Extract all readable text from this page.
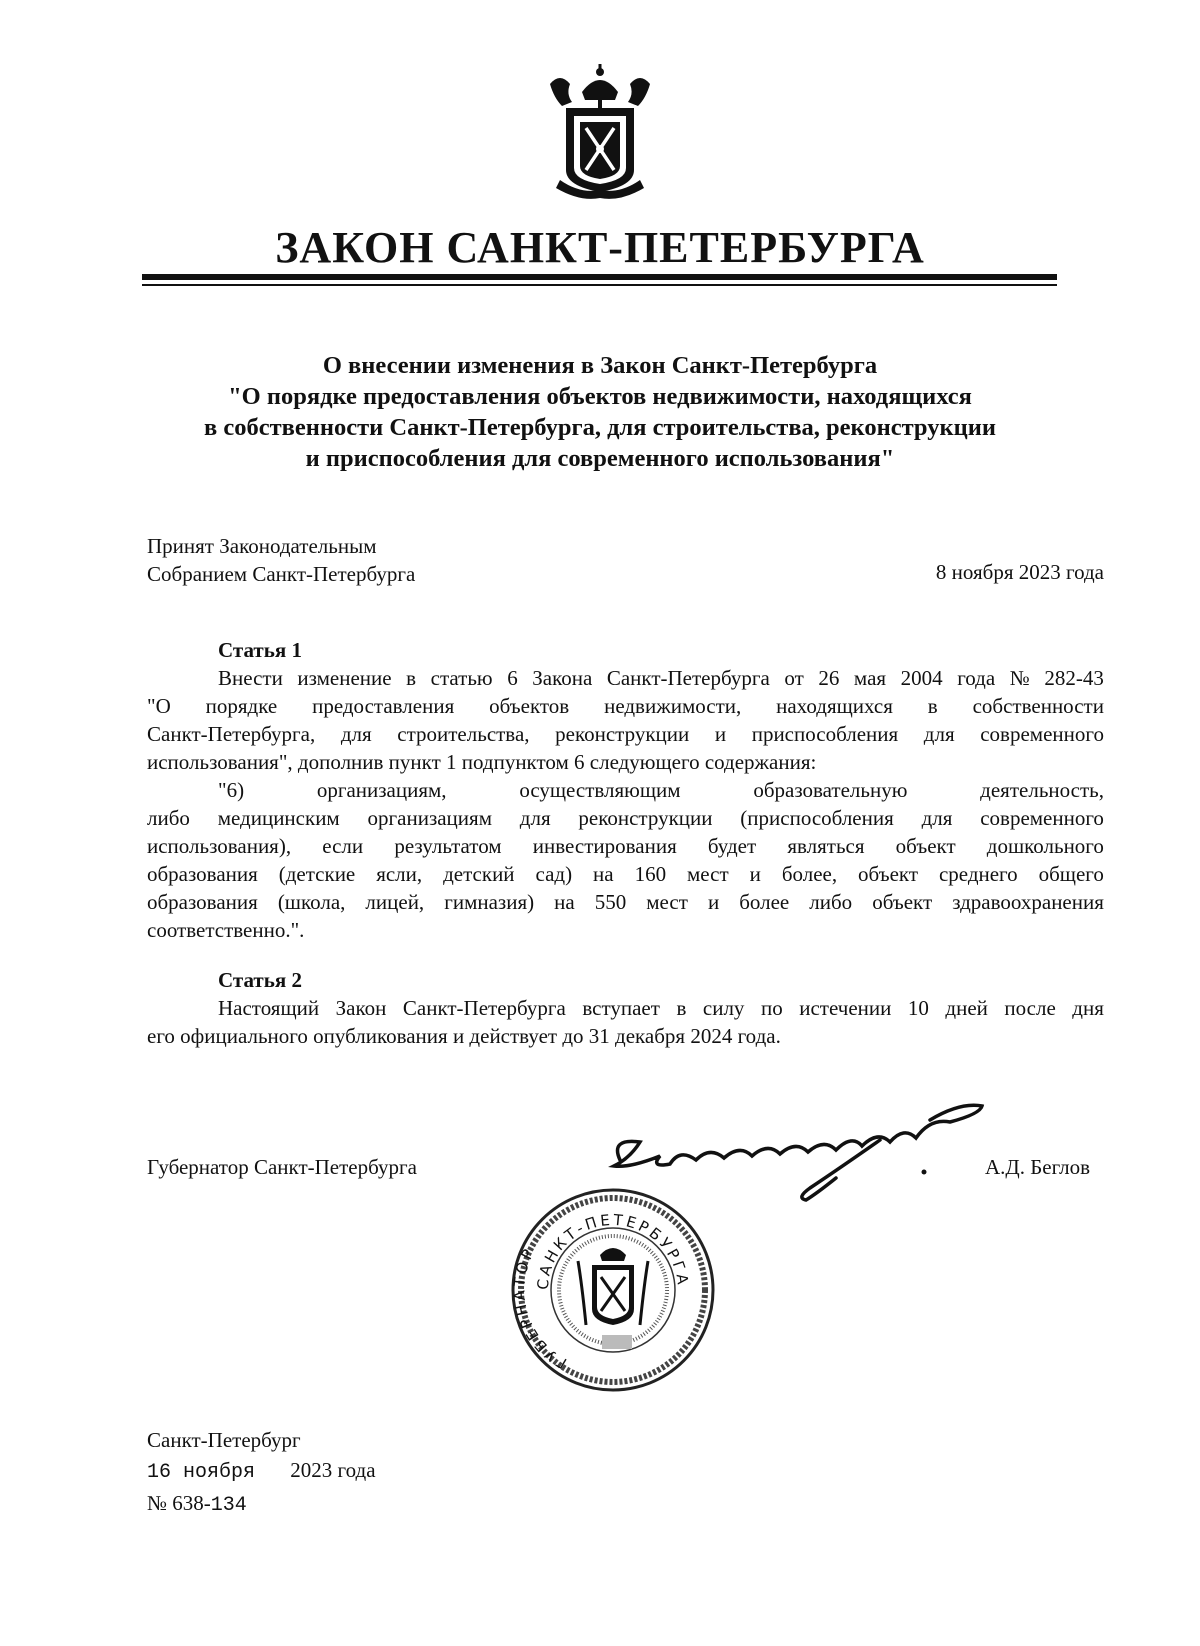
ЗАКОН САНКТ-ПЕТЕРБУРГА
О внесении изменения в Закон Санкт-Петербурга
"О порядке предоставления объектов недвижимости, находящихся
в собственности Санкт-Петербурга, для строительства, реконструкции
и приспособления для современного использования"
Принят Законодательным
Собранием Санкт-Петербурга	8 ноября 2023 года
Статья 1
Внести изменение в статью 6 Закона Санкт-Петербурга от 26 мая 2004 года № 282-43
"О порядке предоставления объектов недвижимости, находящихся в собственности
Санкт-Петербурга, для строительства, реконструкции и приспособления для современного
использования", дополнив пункт 1 подпунктом 6 следующего содержания:
"6)	организациям,	осуществляющим	образовательную	деятельность,
либо медицинским организациям для реконструкции (приспособления для современного
использования), если результатом инвестирования будет являться объект дошкольного
образования (детские ясли, детский сад) на 160 мест и более, объект среднего общего
образования (школа, лицей, гимназия) на 550 мест и более либо объект здравоохранения
соответственно.".
Статья 2
Настоящий Закон Санкт-Петербурга вступает в силу по истечении 10 дней после дня
его официального опубликования и действует до 31 декабря 2024 года.
Губернатор Санкт-Петербурга	А.Д. Беглов
САНКТ-ПЕТЕРБУРГА
ГУБЕРНАТОР
Санкт-Петербург
16 ноября 2023 года
№ 638-134
